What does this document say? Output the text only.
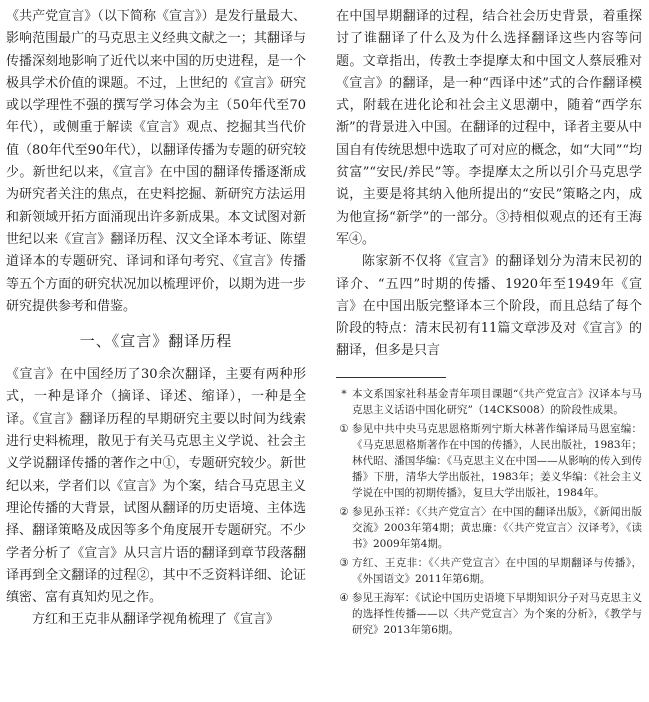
《共产党宣言》（以下简称《宣言》）是发行量最大、影响范围最广的马克思主义经典文献之一；其翻译与传播深刻地影响了近代以来中国的历史进程，是一个极具学术价值的课题。不过，上世纪的《宣言》研究或以学理性不强的撰写学习体会为主（50年代至70年代），或侧重于解读《宣言》观点、挖掘其当代价值（80年代至90年代），以翻译传播为专题的研究较少。新世纪以来，《宣言》在中国的翻译传播逐渐成为研究者关注的焦点，在史料挖掘、新研究方法运用和新领域开拓方面涌现出许多新成果。本文试图对新世纪以来《宣言》翻译历程、汉文全译本考证、陈望道译本的专题研究、译词和译句考究、《宣言》传播等五个方面的研究状况加以梳理评价，以期为进一步研究提供参考和借鉴。

一、《宣言》翻译历程

《宣言》在中国经历了30余次翻译，主要有两种形式，一种是译介（摘译、译述、缩译），一种是全译。《宣言》翻译历程的早期研究主要以时间为线索进行史料梳理，散见于有关马克思主义学说、社会主义学说翻译传播的著作之中①，专题研究较少。新世纪以来，学者们以《宣言》为个案，结合马克思主义理论传播的大背景，试图从翻译的历史语境、主体选择、翻译策略及成因等多个角度展开专题研究。不少学者分析了《宣言》从只言片语的翻译到章节段落翻译再到全文翻译的过程②，其中不乏资料详细、论证缜密、富有真知灼见之作。

方红和王克非从翻译学视角梳理了《宣言》

在中国早期翻译的过程，结合社会历史背景，着重探讨了谁翻译了什么及为什么选择翻译这些内容等问题。文章指出，传教士李提摩太和中国文人蔡辰雅对《宣言》的翻译，是一种“西译中述”式的合作翻译模式，附载在进化论和社会主义思潮中，随着“西学东渐”的背景进入中国。在翻译的过程中，译者主要从中国自有传统思想中选取了可对应的概念，如“大同”“均贫富”“安民/养民”等。李提摩太之所以引介马克思学说，主要是将其纳入他所提出的“安民”策略之内，成为他宣扬“新学”的一部分。③持相似观点的还有王海军④。

陈家新不仅将《宣言》的翻译划分为清末民初的译介、“五四”时期的传播、1920年至1949年《宣言》在中国出版完整译本三个阶段，而且总结了每个阶段的特点：清末民初有11篇文章涉及对《宣言》的翻译，但多是只言

* 本文系国家社科基金青年项目课题“《共产党宣言》汉译本与马克思主义话语中国化研究”（14CKS008）的阶段性成果。
① 参见中共中央马克思恩格斯列宁斯大林著作编译局马恩室编：《马克思恩格斯著作在中国的传播》，人民出版社，1983年；林代昭、潘国华编：《马克思主义在中国——从影响的传入到传播》下册，清华大学出版社，1983年；姜义华编：《社会主义学说在中国的初期传播》，复旦大学出版社，1984年。
② 参见孙玉祥：《〈共产党宣言〉在中国的翻译出版》，《新闻出版交流》2003年第4期；黄忠廉：《〈共产党宣言〉汉译考》，《读书》2009年第4期。
③ 方红、王克非：《〈共产党宣言〉在中国的早期翻译与传播》，《外国语文》2011年第6期。
④ 参见王海军：《试论中国历史语境下早期知识分子对马克思主义的选择性传播——以〈共产党宣言〉为个案的分析》，《教学与研究》2013年第6期。
